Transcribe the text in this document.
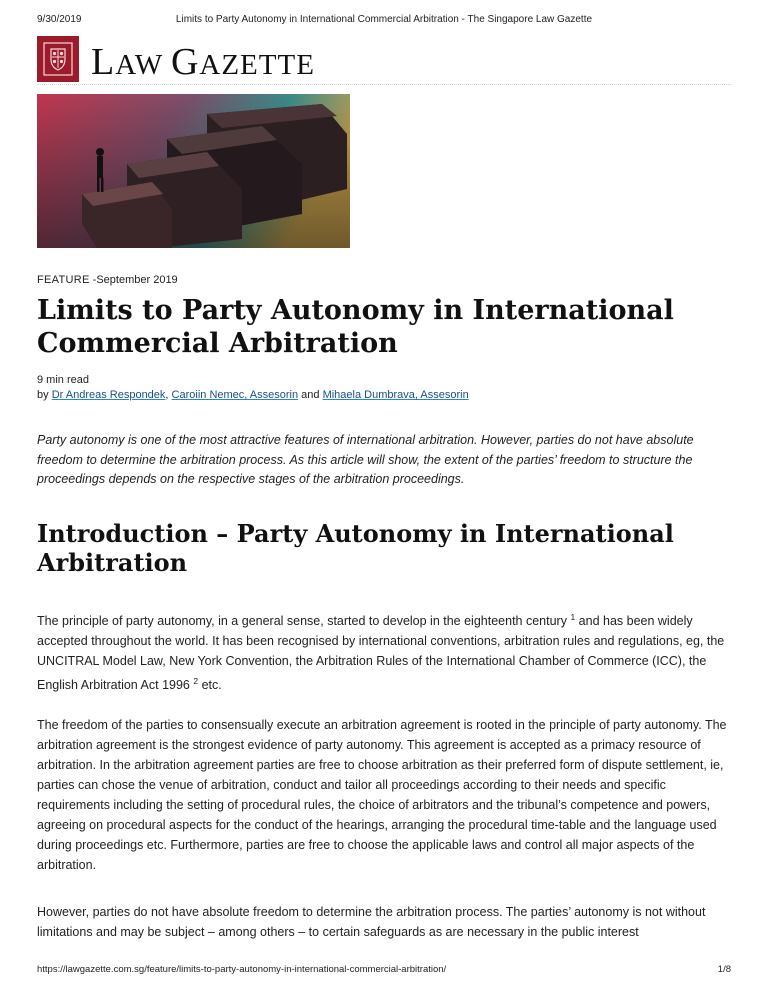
9/30/2019	Limits to Party Autonomy in International Commercial Arbitration - The Singapore Law Gazette
LAW GAZETTE
FEATURE -September 2019
Limits to Party Autonomy in International Commercial Arbitration
9 min read
by Dr Andreas Respondek, Caroiin Nemec, Assesorin and Mihaela Dumbrava, Assesorin

Party autonomy is one of the most attractive features of international arbitration. However, parties do not have absolute freedom to determine the arbitration process. As this article will show, the extent of the parties’ freedom to structure the proceedings depends on the respective stages of the arbitration proceedings.

Introduction – Party Autonomy in International Arbitration

The principle of party autonomy, in a general sense, started to develop in the eighteenth century $^1$ and has been widely accepted throughout the world. It has been recognised by international conventions, arbitration rules and regulations, eg, the UNCITRAL Model Law, New York Convention, the Arbitration Rules of the International Chamber of Commerce (ICC), the English Arbitration Act 1996 $^2$ etc.

The freedom of the parties to consensually execute an arbitration agreement is rooted in the principle of party autonomy. The arbitration agreement is the strongest evidence of party autonomy. This agreement is accepted as a primacy resource of arbitration. In the arbitration agreement parties are free to choose arbitration as their preferred form of dispute settlement, ie, parties can chose the venue of arbitration, conduct and tailor all proceedings according to their needs and specific requirements including the setting of procedural rules, the choice of arbitrators and the tribunal’s competence and powers, agreeing on procedural aspects for the conduct of the hearings, arranging the procedural time-table and the language used during proceedings etc. Furthermore, parties are free to choose the applicable laws and control all major aspects of the arbitration.

However, parties do not have absolute freedom to determine the arbitration process. The parties’ autonomy is not without limitations and may be subject – among others – to certain safeguards as are necessary in the public interest

https://lawgazette.com.sg/feature/limits-to-party-autonomy-in-international-commercial-arbitration/	1/8
